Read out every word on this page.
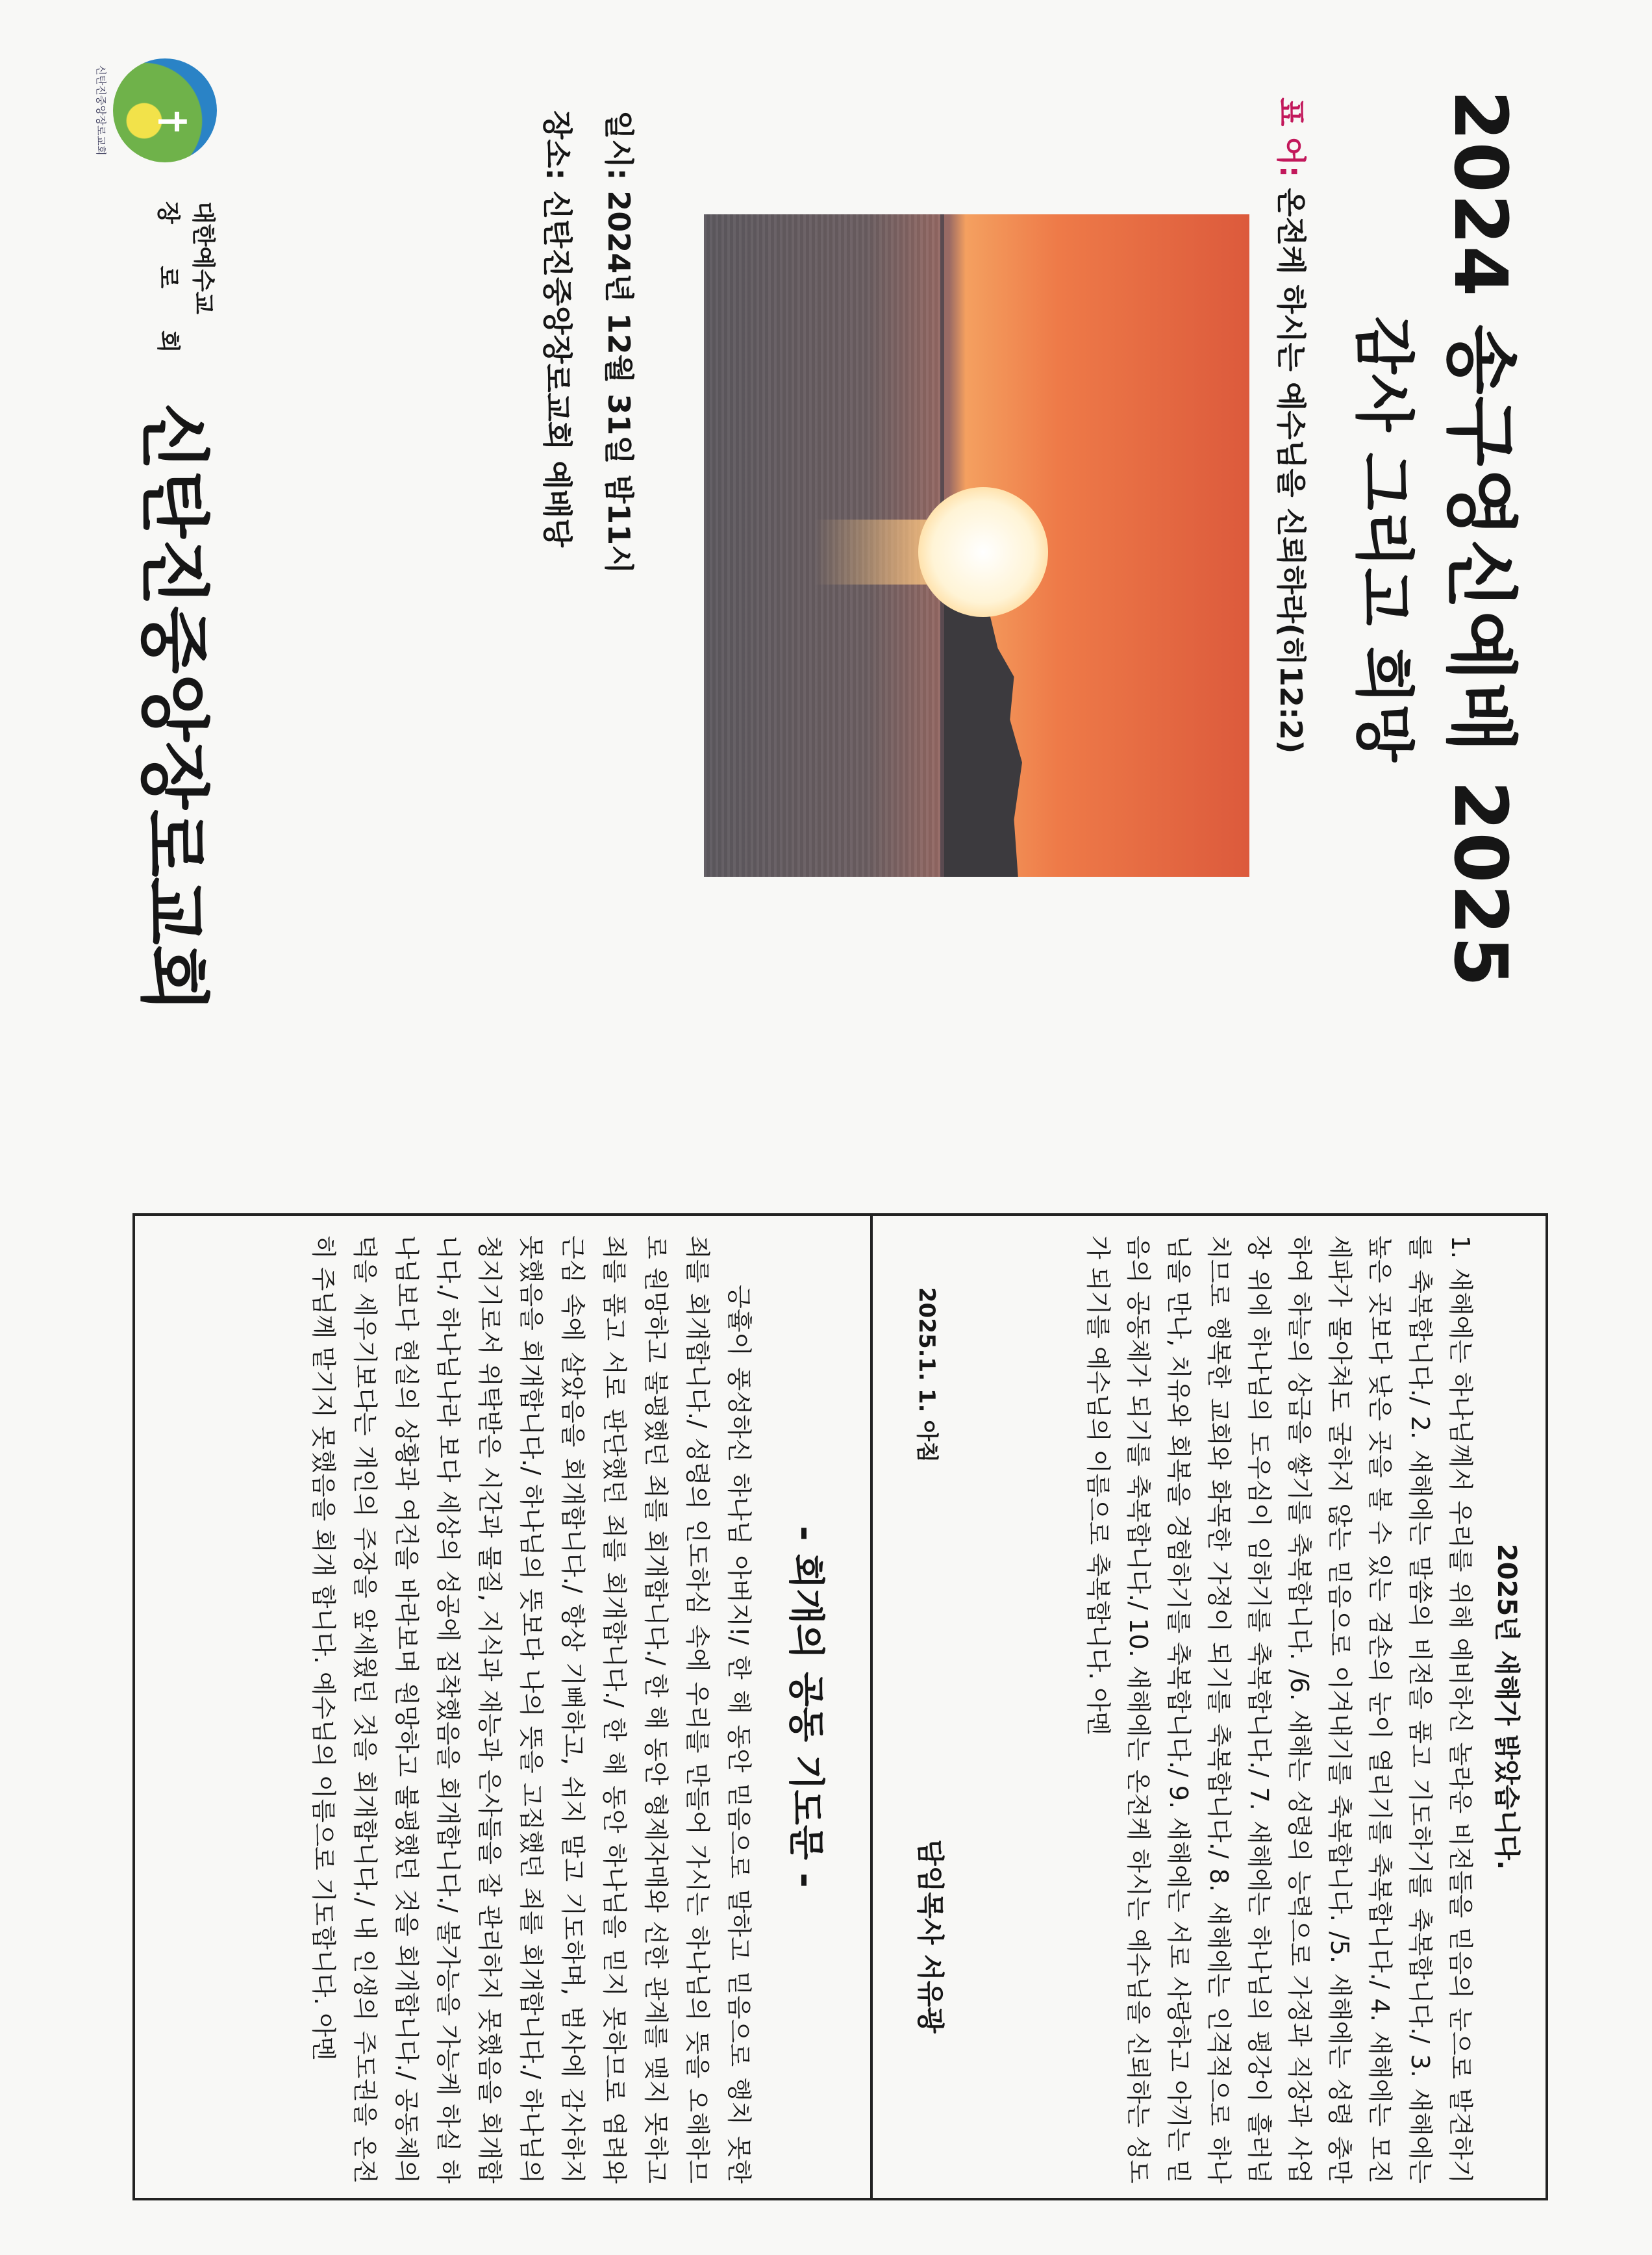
2024 송구영신예배 2025
감사 그리고 희망
표 어: 온전케 하시는 예수님을 신뢰하라(히12:2)
일시: 2024년 12월 31일 밤11시
장소: 신탄진중앙장로교회 예배당
✝
신탄진중앙장로교회
대한예수교
장 로 회
신탄진중앙장로교회
2025년 새해가 밝았습니다.
1. 새해에는 하나님께서 우리를 위해 예비하신 놀라운 비전들을 믿음의 눈으로 발견하기를 축복합니다./ 2. 새해에는 말씀의 비전을 품고 기도하기를 축복합니다./ 3. 새해에는 높은 곳보다 낮은 곳을 볼 수 있는 겸손의 눈이 열리기를 축복합니다./ 4. 새해에는 모진 세파가 몰아쳐도 굴하지 않는 믿음으로 이겨내기를 축복합니다. /5. 새해에는 성령 충만하여 하늘의 상급을 쌓기를 축복합니다. /6. 새해는 성령의 능력으로 가정과 직장과 사업장 위에 하나님의 도우심이 임하기를 축복합니다./ 7. 새해에는 하나님의 평강이 흘러넘치므로 행복한 교회와 화목한 가정이 되기를 축복합니다./ 8. 새해에는 인격적으로 하나님을 만나, 치유와 회복을 경험하기를 축복합니다./ 9. 새해에는 서로 사랑하고 아끼는 믿음의 공동체가 되기를 축복합니다./ 10. 새해에는 온전케 하시는 예수님을 신뢰하는 성도가 되기를 예수님의 이름으로 축복합니다. 아멘
2025.1. 1. 아침
담임목사 서유광
- 회개의 공동 기도문 -
긍휼이 풍성하신 하나님 아버지!/ 한 해 동안 믿음으로 말하고 믿음으로 행치 못한 죄를 회개합니다./ 성령의 인도하심 속에 우리를 만들어 가시는 하나님의 뜻을 오해하므로 원망하고 불평했던 죄를 회개합니다./ 한 해 동안 형제자매와 선한 관계를 맺지 못하고 죄를 품고 서로 판단했던 죄를 회개합니다./ 한 해 동안 하나님을 믿지 못하므로 염려와 근심 속에 살았음을 회개합니다./ 항상 기뻐하고, 쉬지 말고 기도하며, 범사에 감사하지 못했음을 회개합니다./ 하나님의 뜻보다 나의 뜻을 고집했던 죄를 회개합니다./ 하나님의 청지기로서 위탁받은 시간과 물질, 지식과 재능과 은사들을 잘 관리하지 못했음을 회개합니다./ 하나님나라 보다 세상의 성공에 집착했음을 회개합니다./ 불가능을 가능케 하실 하나님보다 현실의 상황과 여건을 바라보며 원망하고 불평했던 것을 회개합니다./ 공동체의 덕을 세우기보다는 개인의 주장을 앞세웠던 것을 회개합니다./ 내 인생의 주도권을 온전히 주님께 맡기지 못했음을 회개 합니다. 예수님의 이름으로 기도합니다. 아멘
